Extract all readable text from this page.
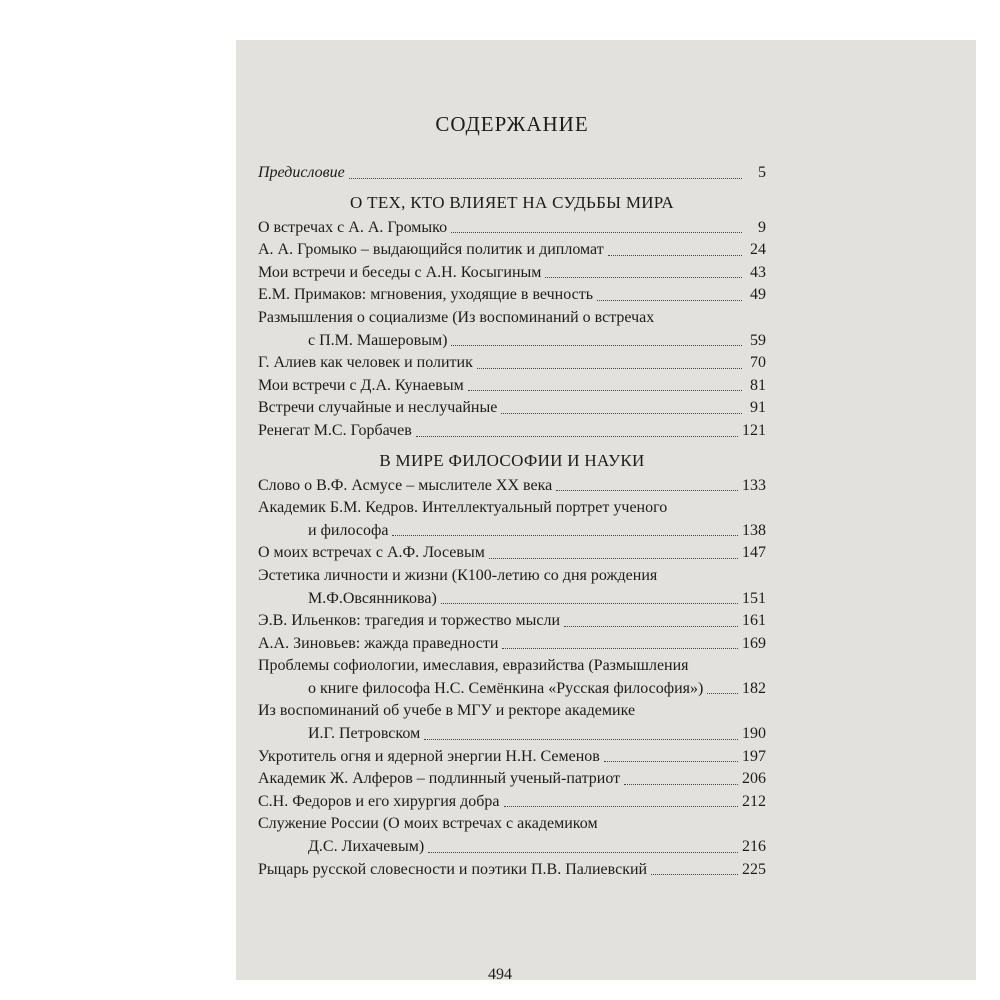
СОДЕРЖАНИЕ
Предисловие	5
О ТЕХ, КТО ВЛИЯЕТ НА СУДЬБЫ МИРА
О встречах с А. А. Громыко	9
А. А. Громыко – выдающийся политик и дипломат	24
Мои встречи и беседы с А.Н. Косыгиным	43
Е.М. Примаков: мгновения, уходящие в вечность	49
Размышления о социализме (Из воспоминаний о встречах
с П.М. Машеровым)	59
Г. Алиев как человек и политик	70
Мои встречи с Д.А. Кунаевым	81
Встречи случайные и неслучайные	91
Ренегат М.С. Горбачев	121
В МИРЕ ФИЛОСОФИИ И НАУКИ
Слово о В.Ф. Асмусе – мыслителе XX века	133
Академик Б.М. Кедров. Интеллектуальный портрет ученого
и философа	138
О моих встречах с А.Ф. Лосевым	147
Эстетика личности и жизни (К100-летию со дня рождения
М.Ф.Овсянникова)	151
Э.В. Ильенков: трагедия и торжество мысли	161
А.А. Зиновьев: жажда праведности	169
Проблемы софиологии, имеславия, евразийства (Размышления
о книге философа Н.С. Семёнкина «Русская философия») 182
Из воспоминаний об учебе в МГУ и ректоре академике
И.Г. Петровском	190
Укротитель огня и ядерной энергии Н.Н. Семенов	197
Академик Ж. Алферов – подлинный ученый-патриот	206
С.Н. Федоров и его хирургия добра	212
Служение России (О моих встречах с академиком
Д.С. Лихачевым)	216
Рыцарь русской словесности и поэтики П.В. Палиевский	225
494
